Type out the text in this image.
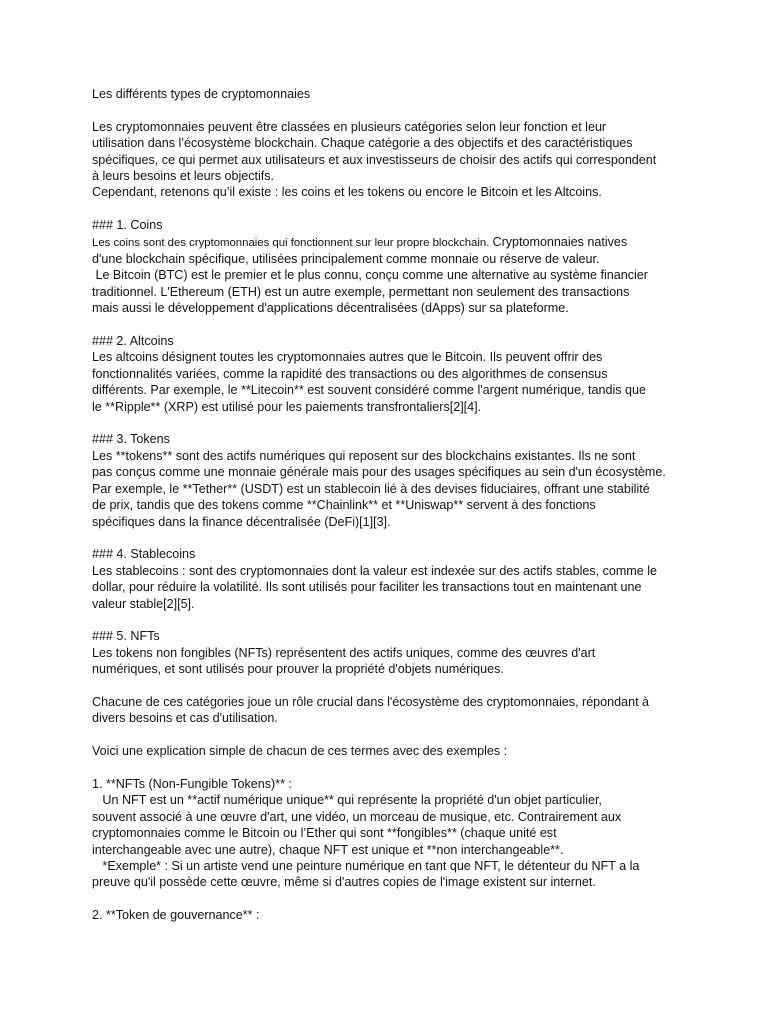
Les différents types de cryptomonnaies
Les cryptomonnaies peuvent être classées en plusieurs catégories selon leur fonction et leur
utilisation dans l’écosystème blockchain. Chaque catégorie a des objectifs et des caractéristiques
spécifiques, ce qui permet aux utilisateurs et aux investisseurs de choisir des actifs qui correspondent
à leurs besoins et leurs objectifs.
Cependant, retenons qu’il existe : les coins et les tokens ou encore le Bitcoin et les Altcoins.
### 1. Coins
Les coins sont des cryptomonnaies qui fonctionnent sur leur propre blockchain. Cryptomonnaies natives
d'une blockchain spécifique, utilisées principalement comme monnaie ou réserve de valeur.
Le Bitcoin (BTC) est le premier et le plus connu, conçu comme une alternative au système financier
traditionnel. L'Ethereum (ETH) est un autre exemple, permettant non seulement des transactions
mais aussi le développement d'applications décentralisées (dApps) sur sa plateforme.
### 2. Altcoins
Les altcoins désignent toutes les cryptomonnaies autres que le Bitcoin. Ils peuvent offrir des
fonctionnalités variées, comme la rapidité des transactions ou des algorithmes de consensus
différents. Par exemple, le **Litecoin** est souvent considéré comme l'argent numérique, tandis que
le **Ripple** (XRP) est utilisé pour les paiements transfrontaliers[2][4].
### 3. Tokens
Les **tokens** sont des actifs numériques qui reposent sur des blockchains existantes. Ils ne sont
pas conçus comme une monnaie générale mais pour des usages spécifiques au sein d'un écosystème.
Par exemple, le **Tether** (USDT) est un stablecoin lié à des devises fiduciaires, offrant une stabilité
de prix, tandis que des tokens comme **Chainlink** et **Uniswap** servent à des fonctions
spécifiques dans la finance décentralisée (DeFi)[1][3].
### 4. Stablecoins
Les stablecoins : sont des cryptomonnaies dont la valeur est indexée sur des actifs stables, comme le
dollar, pour réduire la volatilité. Ils sont utilisés pour faciliter les transactions tout en maintenant une
valeur stable[2][5].
### 5. NFTs
Les tokens non fongibles (NFTs) représentent des actifs uniques, comme des œuvres d'art
numériques, et sont utilisés pour prouver la propriété d'objets numériques.
Chacune de ces catégories joue un rôle crucial dans l'écosystème des cryptomonnaies, répondant à
divers besoins et cas d'utilisation.
Voici une explication simple de chacun de ces termes avec des exemples :
1. **NFTs (Non-Fungible Tokens)** :
Un NFT est un **actif numérique unique** qui représente la propriété d'un objet particulier,
souvent associé à une œuvre d'art, une vidéo, un morceau de musique, etc. Contrairement aux
cryptomonnaies comme le Bitcoin ou l’Ether qui sont **fongibles** (chaque unité est
interchangeable avec une autre), chaque NFT est unique et **non interchangeable**.
*Exemple* : Si un artiste vend une peinture numérique en tant que NFT, le détenteur du NFT a la
preuve qu'il possède cette œuvre, même si d'autres copies de l'image existent sur internet.
2. **Token de gouvernance** :
